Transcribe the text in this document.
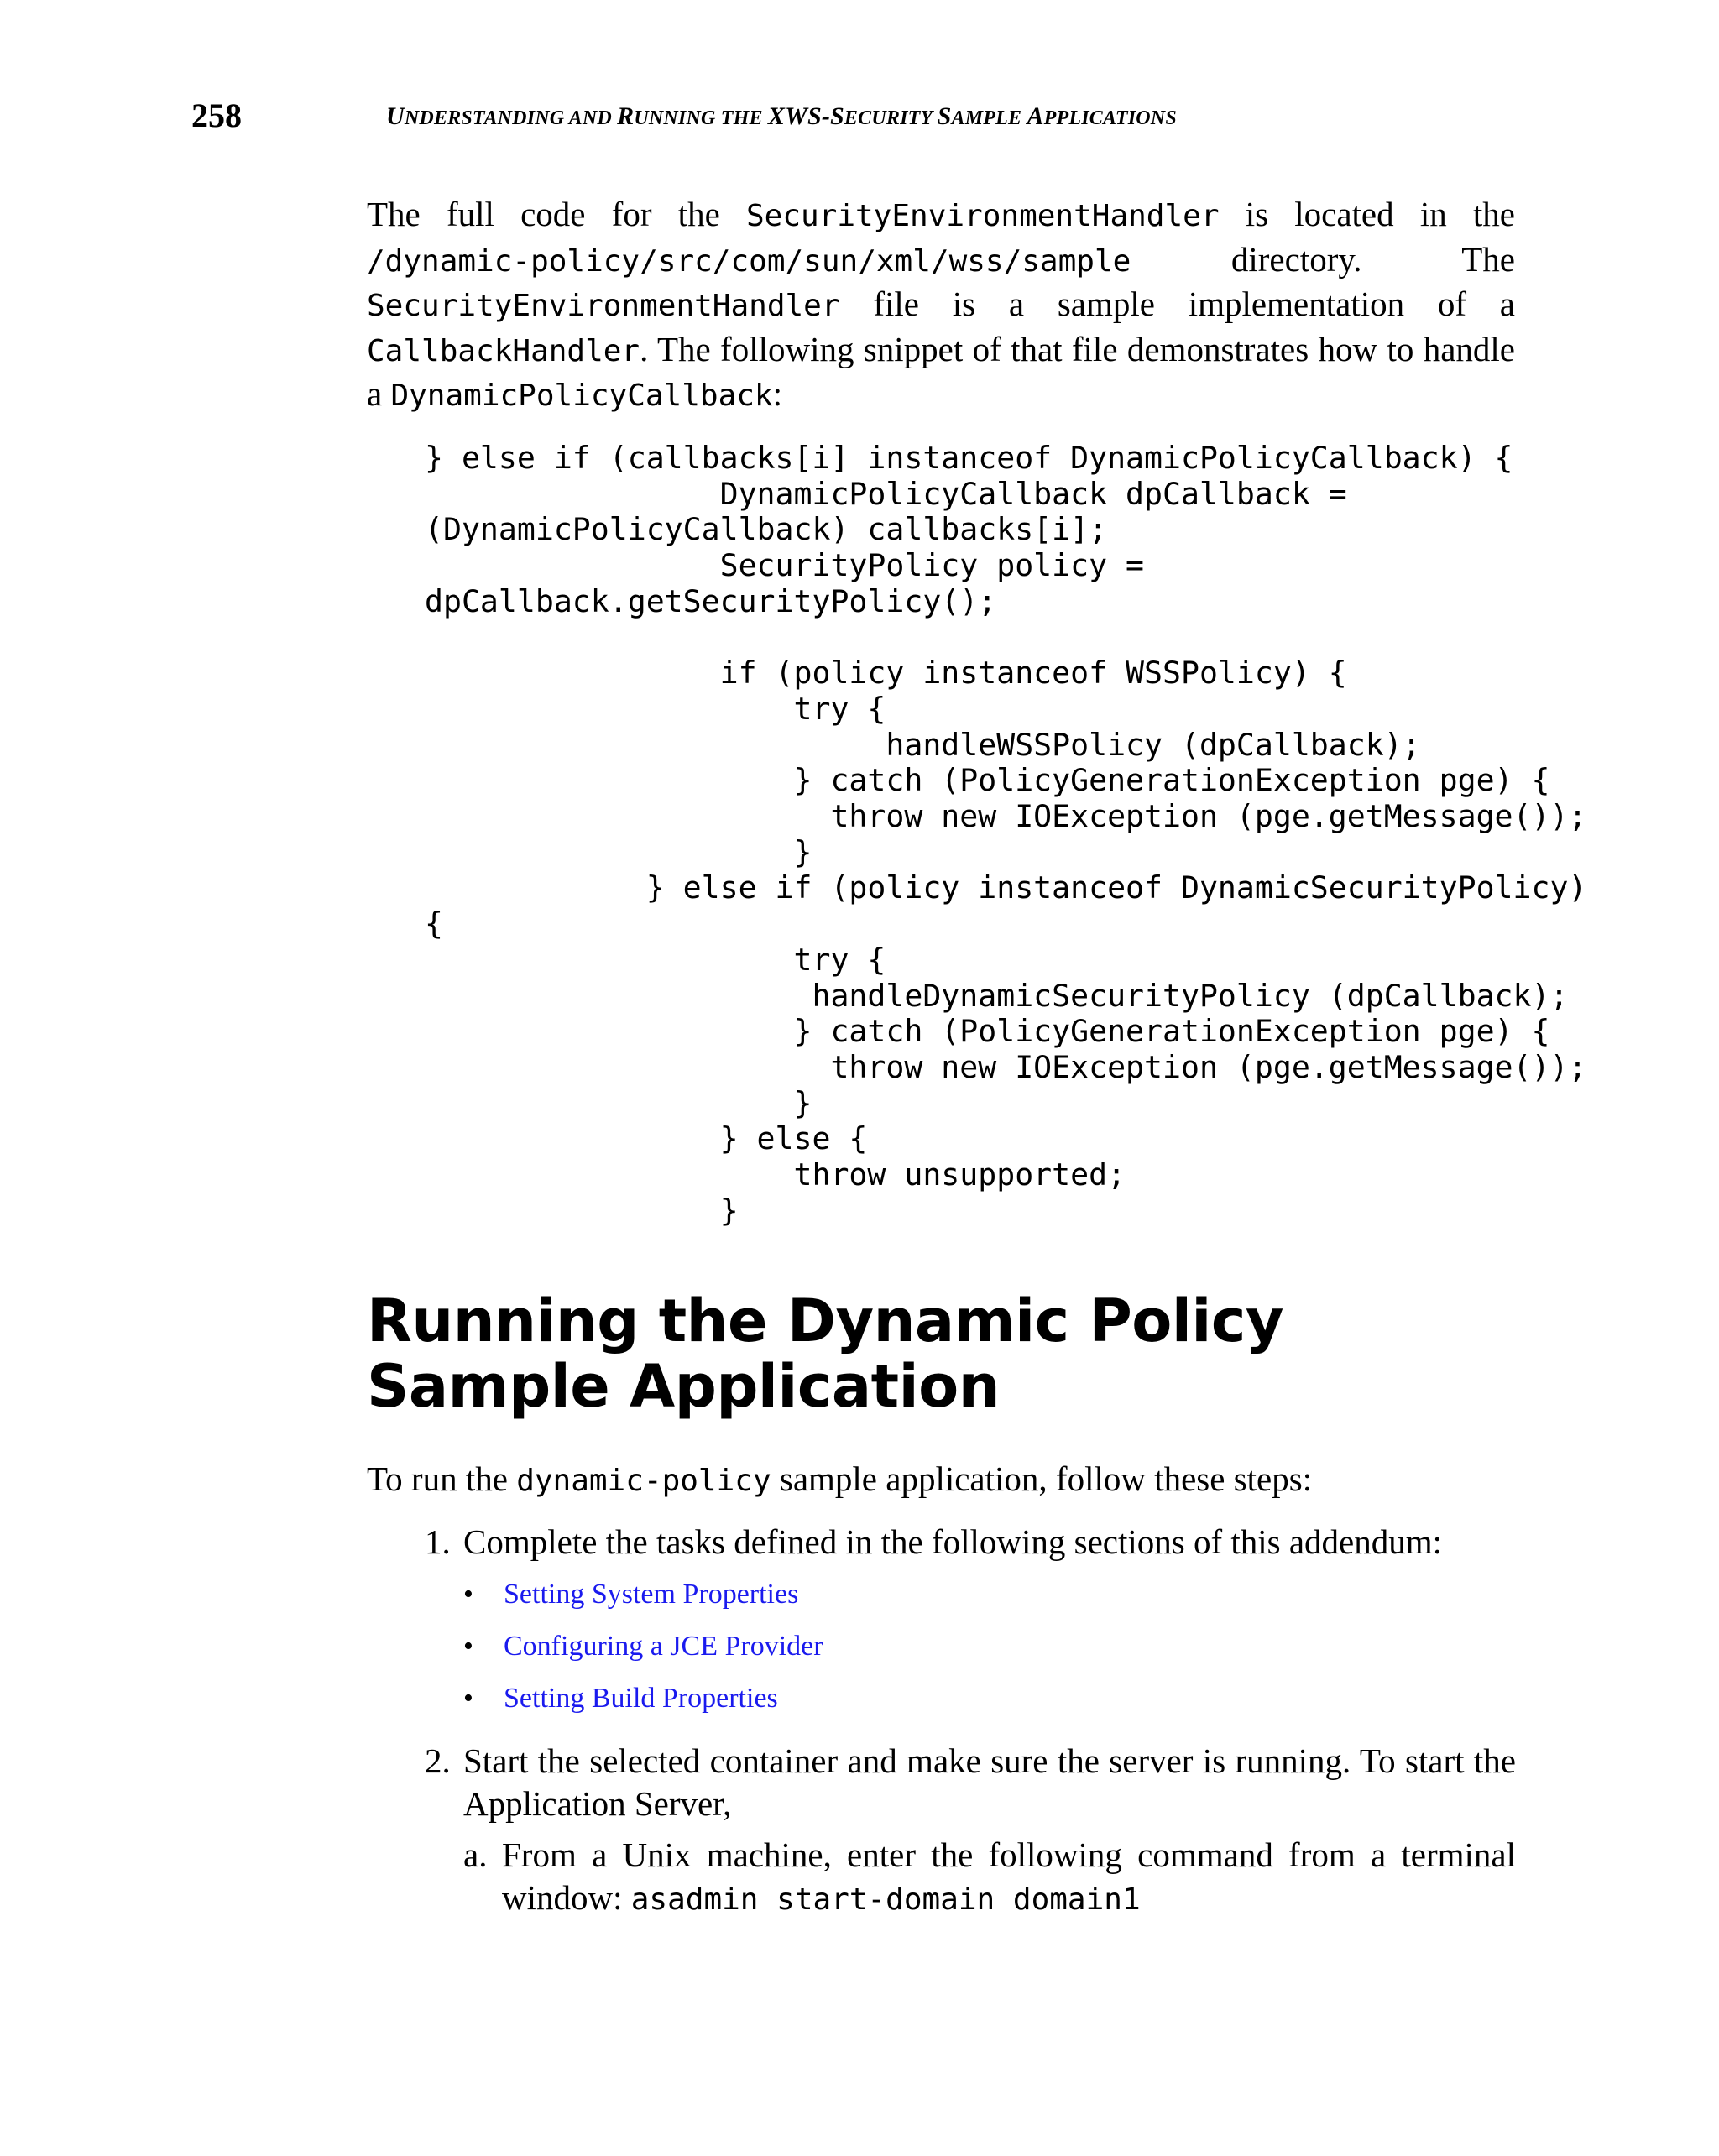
258	UNDERSTANDING AND RUNNING THE XWS-SECURITY SAMPLE APPLICATIONS

The full code for the SecurityEnvironmentHandler is located in the /dynamic-policy/src/com/sun/xml/wss/sample directory. The SecurityEnvironmentHandler file is a sample implementation of a CallbackHandler. The following snippet of that file demonstrates how to handle a DynamicPolicyCallback:

} else if (callbacks[i] instanceof DynamicPolicyCallback) {
DynamicPolicyCallback dpCallback =
(DynamicPolicyCallback) callbacks[i];
SecurityPolicy policy =
dpCallback.getSecurityPolicy();

if (policy instanceof WSSPolicy) {
try {
handleWSSPolicy (dpCallback);
} catch (PolicyGenerationException pge) {
throw new IOException (pge.getMessage());
}
} else if (policy instanceof DynamicSecurityPolicy)
{
try {
handleDynamicSecurityPolicy (dpCallback);
} catch (PolicyGenerationException pge) {
throw new IOException (pge.getMessage());
}
} else {
throw unsupported;
}
Running the Dynamic Policy Sample Application

To run the dynamic-policy sample application, follow these steps:

1. Complete the tasks defined in the following sections of this addendum:

• Setting System Properties
• Configuring a JCE Provider
• Setting Build Properties

2. Start the selected container and make sure the server is running. To start the Application Server,

a. From a Unix machine, enter the following command from a terminal window: asadmin start-domain domain1
